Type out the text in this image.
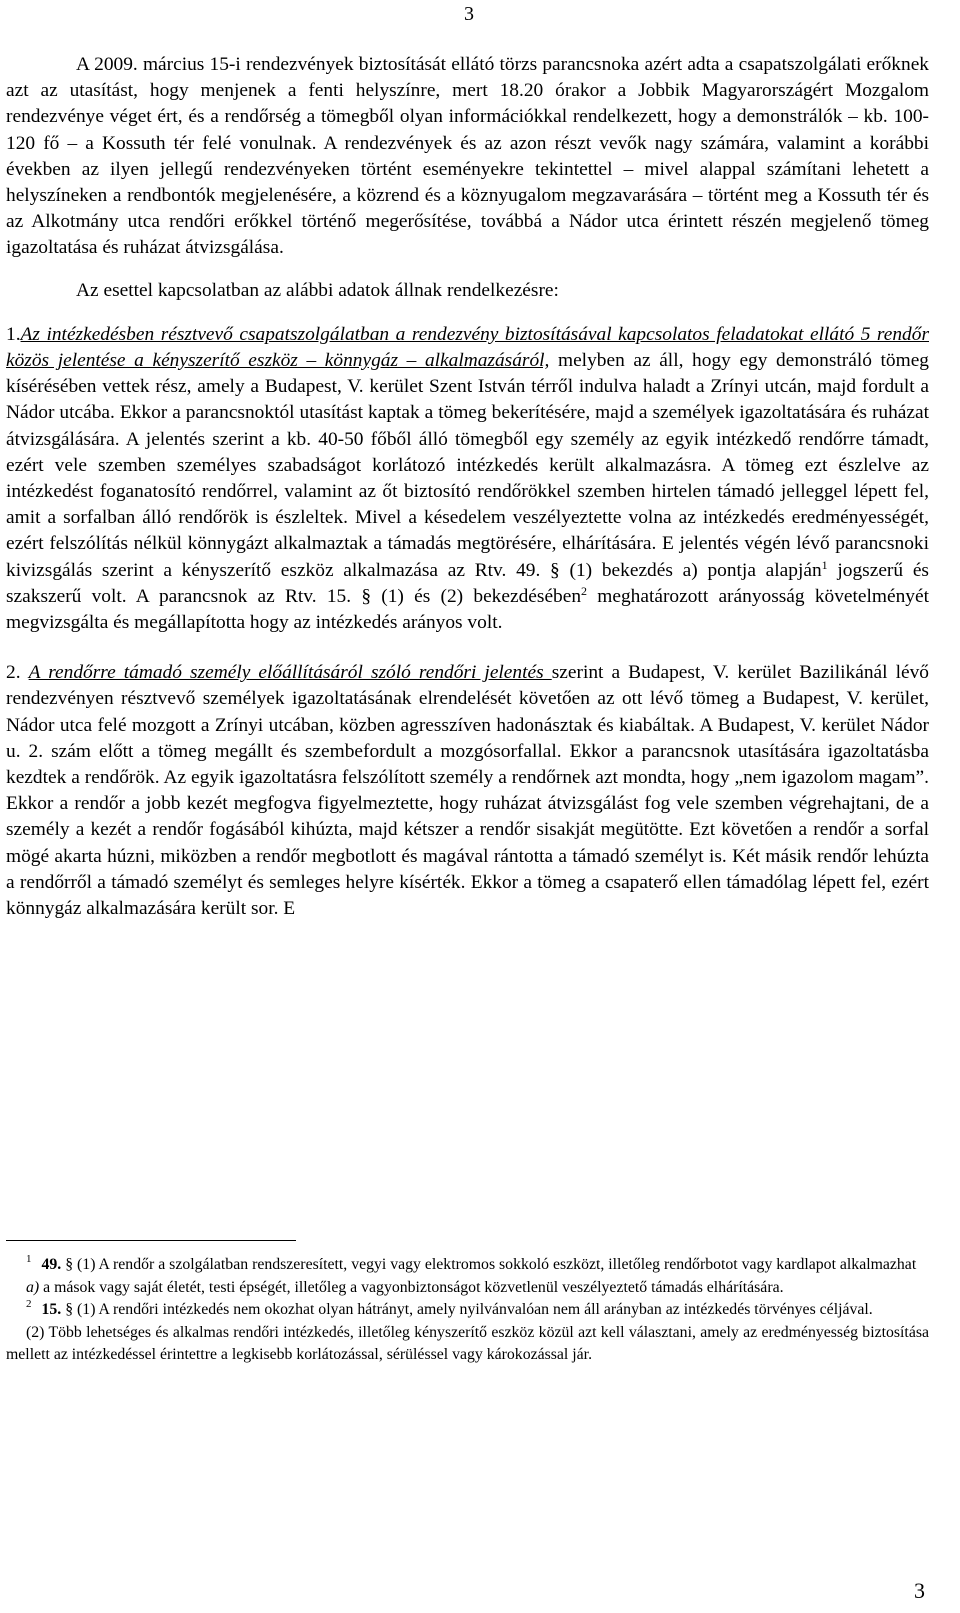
3

A 2009. március 15-i rendezvények biztosítását ellátó törzs parancsnoka azért adta a csapatszolgálati erőknek azt az utasítást, hogy menjenek a fenti helyszínre, mert 18.20 órakor a Jobbik Magyarországért Mozgalom rendezvénye véget ért, és a rendőrség a tömegből olyan információkkal rendelkezett, hogy a demonstrálók – kb. 100-120 fő – a Kossuth tér felé vonulnak. A rendezvények és az azon részt vevők nagy számára, valamint a korábbi években az ilyen jellegű rendezvényeken történt eseményekre tekintettel – mivel alappal számítani lehetett a helyszíneken a rendbontók megjelenésére, a közrend és a köznyugalom megzavarására – történt meg a Kossuth tér és az Alkotmány utca rendőri erőkkel történő megerősítése, továbbá a Nádor utca érintett részén megjelenő tömeg igazoltatása és ruházat átvizsgálása.

Az esettel kapcsolatban az alábbi adatok állnak rendelkezésre:

1.Az intézkedésben résztvevő csapatszolgálatban a rendezvény biztosításával kapcsolatos feladatokat ellátó 5 rendőr közös jelentése a kényszerítő eszköz – könnygáz – alkalmazásáról, melyben az áll, hogy egy demonstráló tömeg kísérésében vettek rész, amely a Budapest, V. kerület Szent István térről indulva haladt a Zrínyi utcán, majd fordult a Nádor utcába. Ekkor a parancsnoktól utasítást kaptak a tömeg bekerítésére, majd a személyek igazoltatására és ruházat átvizsgálására. A jelentés szerint a kb. 40-50 főből álló tömegből egy személy az egyik intézkedő rendőrre támadt, ezért vele szemben személyes szabadságot korlátozó intézkedés került alkalmazásra. A tömeg ezt észlelve az intézkedést foganatosító rendőrrel, valamint az őt biztosító rendőrökkel szemben hirtelen támadó jelleggel lépett fel, amit a sorfalban álló rendőrök is észleltek. Mivel a késedelem veszélyeztette volna az intézkedés eredményességét, ezért felszólítás nélkül könnygázt alkalmaztak a támadás megtörésére, elhárítására. E jelentés végén lévő parancsnoki kivizsgálás szerint a kényszerítő eszköz alkalmazása az Rtv. 49. § (1) bekezdés a) pontja alapján$^1$ jogszerű és szakszerű volt. A parancsnok az Rtv. 15. § (1) és (2) bekezdésében$^2$ meghatározott arányosság követelményét megvizsgálta és megállapította hogy az intézkedés arányos volt.

2. A rendőrre támadó személy előállításáról szóló rendőri jelentés szerint a Budapest, V. kerület Bazilikánál lévő rendezvényen résztvevő személyek igazoltatásának elrendelését követően az ott lévő tömeg a Budapest, V. kerület, Nádor utca felé mozgott a Zrínyi utcában, közben agresszíven hadonásztak és kiabáltak. A Budapest, V. kerület Nádor u. 2. szám előtt a tömeg megállt és szembefordult a mozgósorfallal. Ekkor a parancsnok utasítására igazoltatásba kezdtek a rendőrök. Az egyik igazoltatásra felszólított személy a rendőrnek azt mondta, hogy „nem igazolom magam”. Ekkor a rendőr a jobb kezét megfogva figyelmeztette, hogy ruházat átvizsgálást fog vele szemben végrehajtani, de a személy a kezét a rendőr fogásából kihúzta, majd kétszer a rendőr sisakját megütötte. Ezt követően a rendőr a sorfal mögé akarta húzni, miközben a rendőr megbotlott és magával rántotta a támadó személyt is. Két másik rendőr lehúzta a rendőrről a támadó személyt és semleges helyre kísérték. Ekkor a tömeg a csapaterő ellen támadólag lépett fel, ezért könnygáz alkalmazására került sor. E

$^1$ 49. § (1) A rendőr a szolgálatban rendszeresített, vegyi vagy elektromos sokkoló eszközt, illetőleg rendőrbotot vagy kardlapot alkalmazhat

a) a mások vagy saját életét, testi épségét, illetőleg a vagyonbiztonságot közvetlenül veszélyeztető támadás elhárítására.

$^2$ 15. § (1) A rendőri intézkedés nem okozhat olyan hátrányt, amely nyilvánvalóan nem áll arányban az intézkedés törvényes céljával.

(2) Több lehetséges és alkalmas rendőri intézkedés, illetőleg kényszerítő eszköz közül azt kell választani, amely az eredményesség biztosítása mellett az intézkedéssel érintettre a legkisebb korlátozással, sérüléssel vagy károkozással jár.

3
